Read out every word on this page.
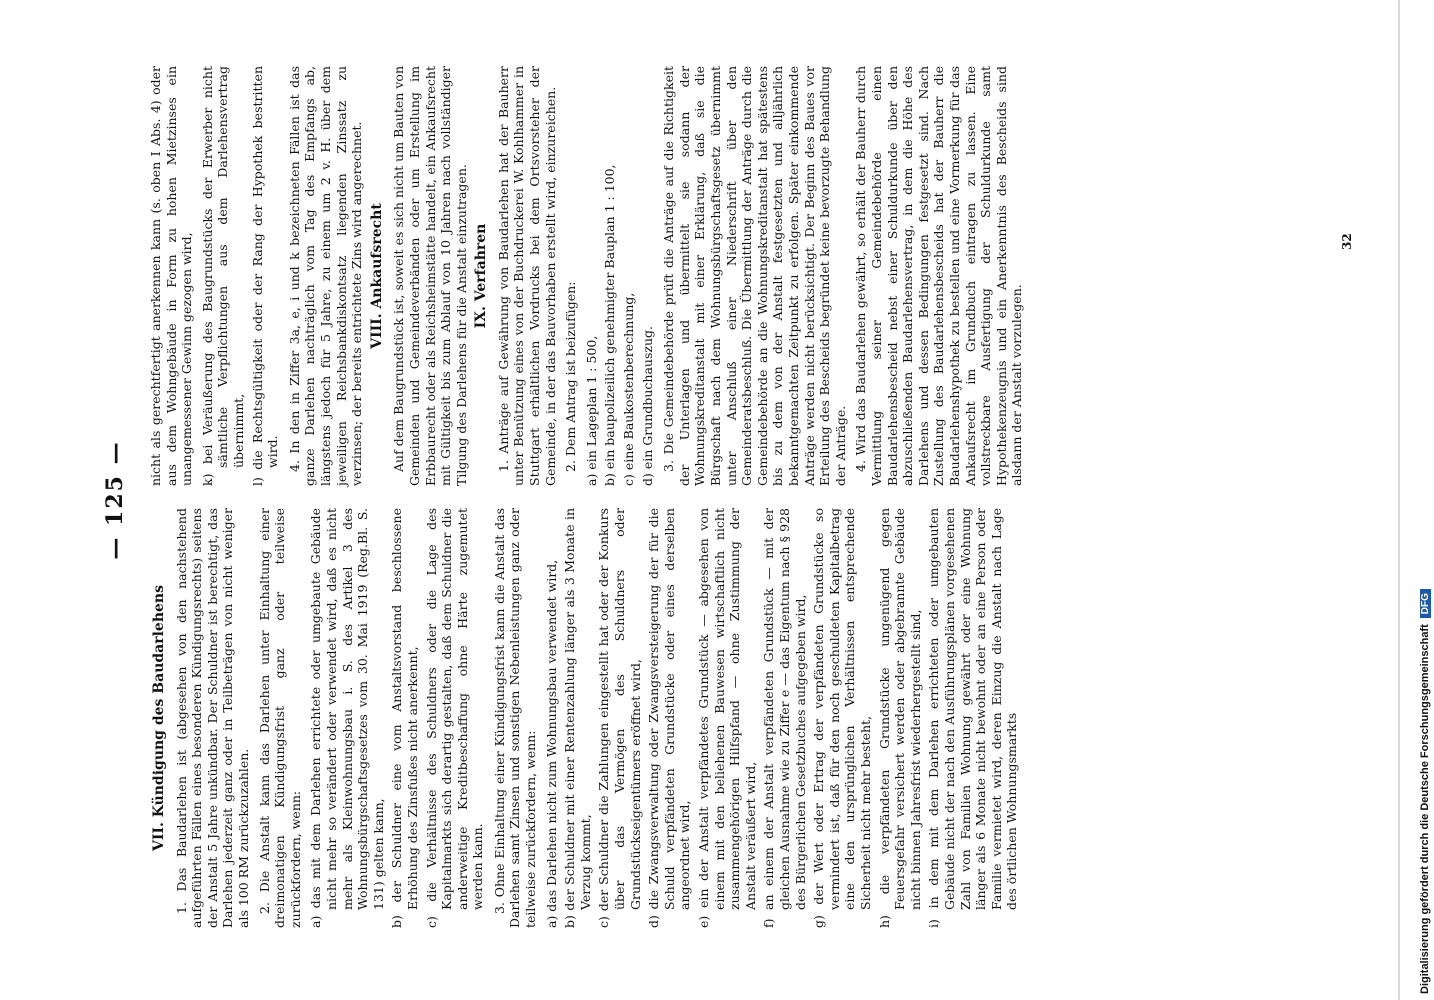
— 125 —
VII. Kündigung des Baudarlehens 1. Das Baudarlehen ist (abgesehen von den nachstehend aufgeführten Fällen eines besonderen Kündigungsrechts) seitens der Anstalt 5 Jahre unkündbar. Der Schuldner ist berechtigt, das Darlehen jederzeit ganz oder in Teilbeträgen von nicht weniger als 100 RM zurückzuzahlen. 2. Die Anstalt kann das Darlehen unter Einhaltung einer dreimonatigen Kündigungsfrist ganz oder teilweise zurückfordern, wenn: a) das mit dem Darlehen errichtete oder umgebaute Gebäude nicht mehr so verändert oder verwendet wird, daß es nicht mehr als Kleinwohnungsbau i. S. des Artikel 3 des Wohnungsbürgschaftsgesetzes vom 30. Mai 1919 (Reg.Bl. S. 131) gelten kann, b) der Schuldner eine vom Anstaltsvorstand beschlossene Erhöhung des Zinsfußes nicht anerkennt, c) die Verhältnisse des Schuldners oder die Lage des Kapitalmarkts sich derartig gestalten, daß dem Schuldner die anderweitige Kreditbeschaffung ohne Härte zugemutet werden kann. 3. Ohne Einhaltung einer Kündigungsfrist kann die Anstalt das Darlehen samt Zinsen und sonstigen Nebenleistungen ganz oder teilweise zurückfordern, wenn: a) das Darlehen nicht zum Wohnungsbau verwendet wird, b) der Schuldner mit einer Rentenzahlung länger als 3 Monate in Verzug kommt, c) der Schuldner die Zahlungen eingestellt hat oder der Konkurs über das Vermögen des Schuldners oder Grundstückseigentümers eröffnet wird, d) die Zwangsverwaltung oder Zwangsversteigerung der für die Schuld verpfändeten Grundstücke oder eines derselben angeordnet wird, e) ein der Anstalt verpfändetes Grundstück — abgesehen von einem mit den beliehenen Bauwesen wirtschaftlich nicht zusammengehörigen Hilfspfand — ohne Zustimmung der Anstalt veräußert wird, f) an einem der Anstalt verpfändeten Grundstück — mit der gleichen Ausnahme wie zu Ziffer e — das Eigentum nach § 928 des Bürgerlichen Gesetzbuches aufgegeben wird, g) der Wert oder Ertrag der verpfändeten Grundstücke so vermindert ist, daß für den noch geschuldeten Kapitalbetrag eine den ursprünglichen Verhältnissen entsprechende Sicherheit nicht mehr besteht, h) die verpfändeten Grundstücke ungenügend gegen Feuersgefahr versichert werden oder abgebrannte Gebäude nicht binnen Jahresfrist wiederhergestellt sind, i) in dem mit dem Darlehen errichteten oder umgebauten Gebäude nicht der nach den Ausführungsplänen vorgesehenen Zahl von Familien Wohnung gewährt oder eine Wohnung länger als 6 Monate nicht bewohnt oder an eine Person oder Familie vermietet wird, deren Einzug die Anstalt nach Lage des örtlichen Wohnungsmarkts

nicht als gerechtfertigt anerkennen kann (s. oben I Abs. 4) oder aus dem Wohngebäude in Form zu hohen Mietzinses ein unangemessener Gewinn gezogen wird, k) bei Veräußerung des Baugrundstücks der Erwerber nicht sämtliche Verpflichtungen aus dem Darlehensvertrag übernimmt, l) die Rechtsgültigkeit oder der Rang der Hypothek bestritten wird. 4. In den in Ziffer 3a, e, i und k bezeichneten Fällen ist das ganze Darlehen nachträglich vom Tag des Empfangs ab, längstens jedoch für 5 Jahre, zu einem um 2 v. H. über dem jeweiligen Reichsbankdiskontsatz liegenden Zinssatz zu verzinsen; der bereits entrichtete Zins wird angerechnet. VIII. Ankaufsrecht Auf dem Baugrundstück ist, soweit es sich nicht um Bauten von Gemeinden und Gemeindeverbänden oder um Erstellung im Erbbaurecht oder als Reichsheimstätte handelt, ein Ankaufsrecht mit Gültigkeit bis zum Ablauf von 10 Jahren nach vollständiger Tilgung des Darlehens für die Anstalt einzutragen. IX. Verfahren 1. Anträge auf Gewährung von Baudarlehen hat der Bauherr unter Benützung eines von der Buchdruckerei W. Kohlhammer in Stuttgart erhältlichen Vordrucks bei dem Ortsvorsteher der Gemeinde, in der das Bauvorhaben erstellt wird, einzureichen. 2. Dem Antrag ist beizufügen: a) ein Lageplan 1 : 500, b) ein baupolizeilich genehmigter Bauplan 1 : 100, c) eine Baukostenberechnung, d) ein Grundbuchauszug. 3. Die Gemeindebehörde prüft die Anträge auf die Richtigkeit der Unterlagen und übermittelt sie sodann der Wohnungskreditanstalt mit einer Erklärung, daß sie die Bürgschaft nach dem Wohnungsbürgschaftsgesetz übernimmt unter Anschluß einer Niederschrift über den Gemeinderatsbeschluß. Die Übermittlung der Anträge durch die Gemeindebehörde an die Wohnungskreditanstalt hat spätestens bis zu dem von der Anstalt festgesetzten und alljährlich bekanntgemachten Zeitpunkt zu erfolgen. Später einkommende Anträge werden nicht berücksichtigt. Der Beginn des Baues vor Erteilung des Bescheids begründet keine bevorzugte Behandlung der Anträge. 4. Wird das Baudarlehen gewährt, so erhält der Bauherr durch Vermittlung seiner Gemeindebehörde einen Baudarlehensbescheid nebst einer Schuldurkunde über den abzuschließenden Baudarlehensvertrag, in dem die Höhe des Darlehens und dessen Bedingungen festgesetzt sind. Nach Zustellung des Baudarlehensbescheids hat der Bauherr die Baudarlehenshypothek zu bestellen und eine Vormerkung für das Ankaufsrecht im Grundbuch eintragen zu lassen. Eine vollstreckbare Ausfertigung der Schuldurkunde samt Hypothekenzeugnis und ein Anerkenntnis des Bescheids sind alsdann der Anstalt vorzulegen.

32
Digitalisierung gefördert durch die Deutsche Forschungsgemeinschaft
DFG
